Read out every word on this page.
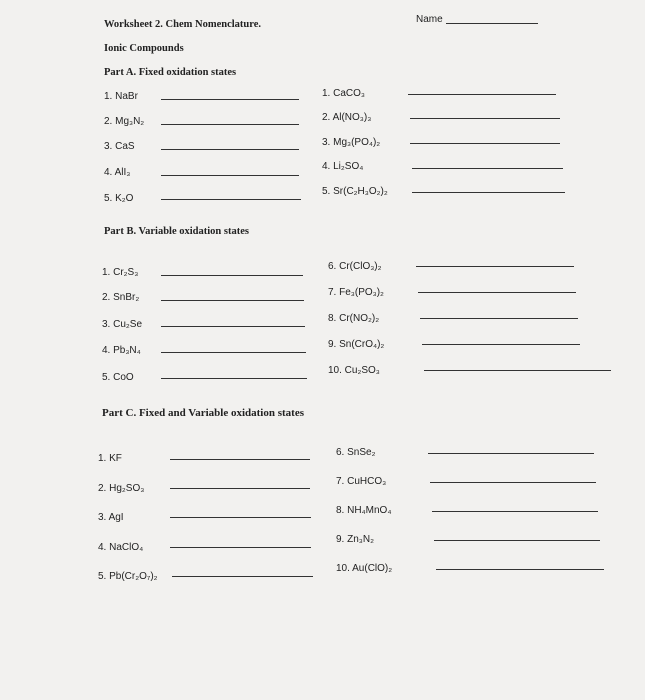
Worksheet 2. Chem Nomenclature.	Name
Ionic Compounds
Part A. Fixed oxidation states
1. NaBr
2. Mg₃N₂
3. CaS
4. AlI₃
5. K₂O
1. CaCO₃
2. Al(NO₃)₃
3. Mg₃(PO₄)₂
4. Li₂SO₄
5. Sr(C₂H₃O₂)₂
Part B. Variable oxidation states
1. Cr₂S₃
2. SnBr₂
3. Cu₂Se
4. Pb₃N₄
5. CoO
6. Cr(ClO₃)₂
7. Fe₃(PO₃)₂
8. Cr(NO₂)₂
9. Sn(CrO₄)₂
10. Cu₂SO₃
Part C. Fixed and Variable oxidation states
1. KF
2. Hg₂SO₃
3. AgI
4. NaClO₄
5. Pb(Cr₂O₇)₂
6. SnSe₂
7. CuHCO₃
8. NH₄MnO₄
9. Zn₃N₂
10. Au(ClO)₂
